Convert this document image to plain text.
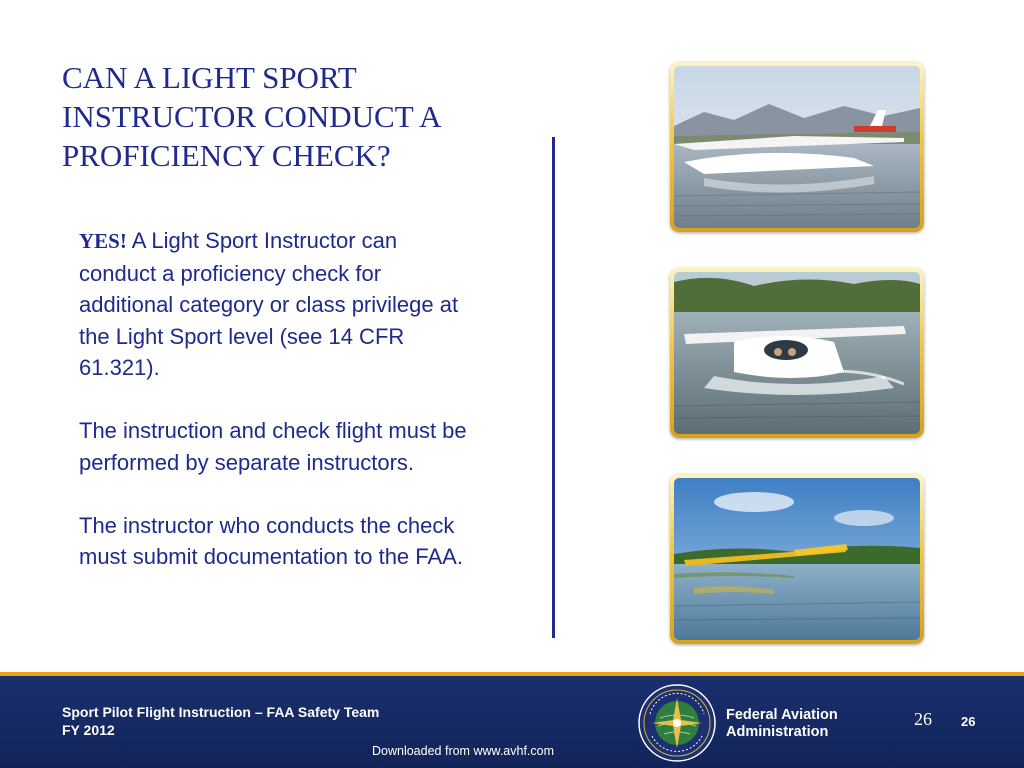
CAN A LIGHT SPORT
INSTRUCTOR CONDUCT A
PROFICIENCY CHECK?

YES! A Light Sport Instructor can conduct a proficiency check for additional category or class privilege at the Light Sport level (see 14 CFR 61.321).

The instruction and check flight must be performed by separate instructors.

The instructor who conducts the check must submit documentation to the FAA.

Sport Pilot Flight Instruction – FAA Safety Team
FY 2012
Downloaded from www.avhf.com
Federal Aviation
Administration
26 26
